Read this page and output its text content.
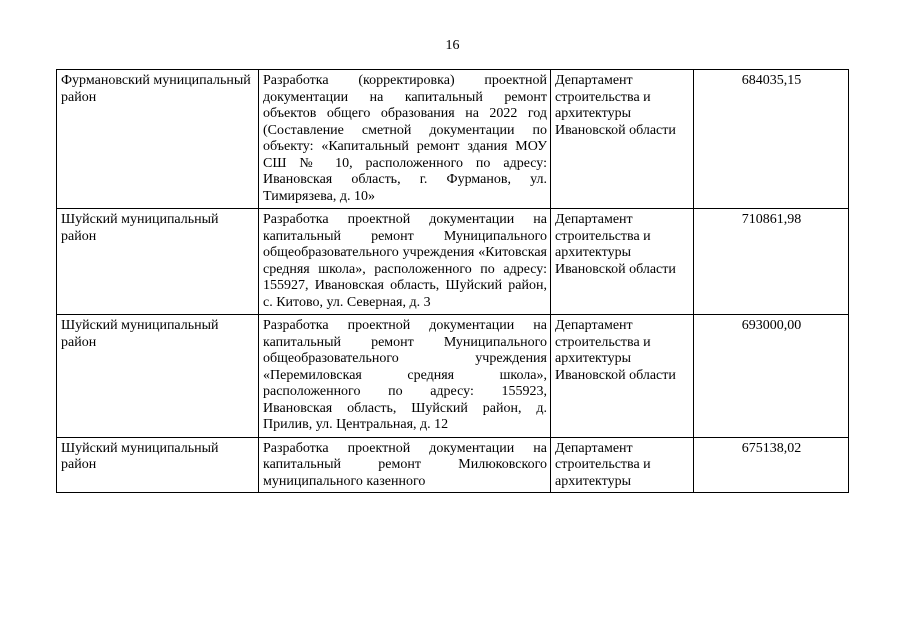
16
Фурмановский муниципальный район	Разработка (корректировка) проектной документации на капитальный ремонт объектов общего образования на 2022 год (Составление сметной документации по объекту: «Капитальный ремонт здания МОУ СШ № 10, расположенного по адресу: Ивановская область, г. Фурманов, ул. Тимирязева, д. 10»	Департамент строительства и архитектуры Ивановской области	684035,15
Шуйский муниципальный район	Разработка проектной документации на капитальный ремонт Муниципального общеобразовательного учреждения «Китовская средняя школа», расположенного по адресу: 155927, Ивановская область, Шуйский район, с. Китово, ул. Северная, д. 3	Департамент строительства и архитектуры Ивановской области	710861,98
Шуйский муниципальный район	Разработка проектной документации на капитальный ремонт Муниципального общеобразовательного учреждения «Перемиловская средняя школа», расположенного по адресу: 155923, Ивановская область, Шуйский район, д. Прилив, ул. Центральная, д. 12	Департамент строительства и архитектуры Ивановской области	693000,00
Шуйский муниципальный район	Разработка проектной документации на капитальный ремонт Милюковского муниципального казенного	Департамент строительства и архитектуры	675138,02
